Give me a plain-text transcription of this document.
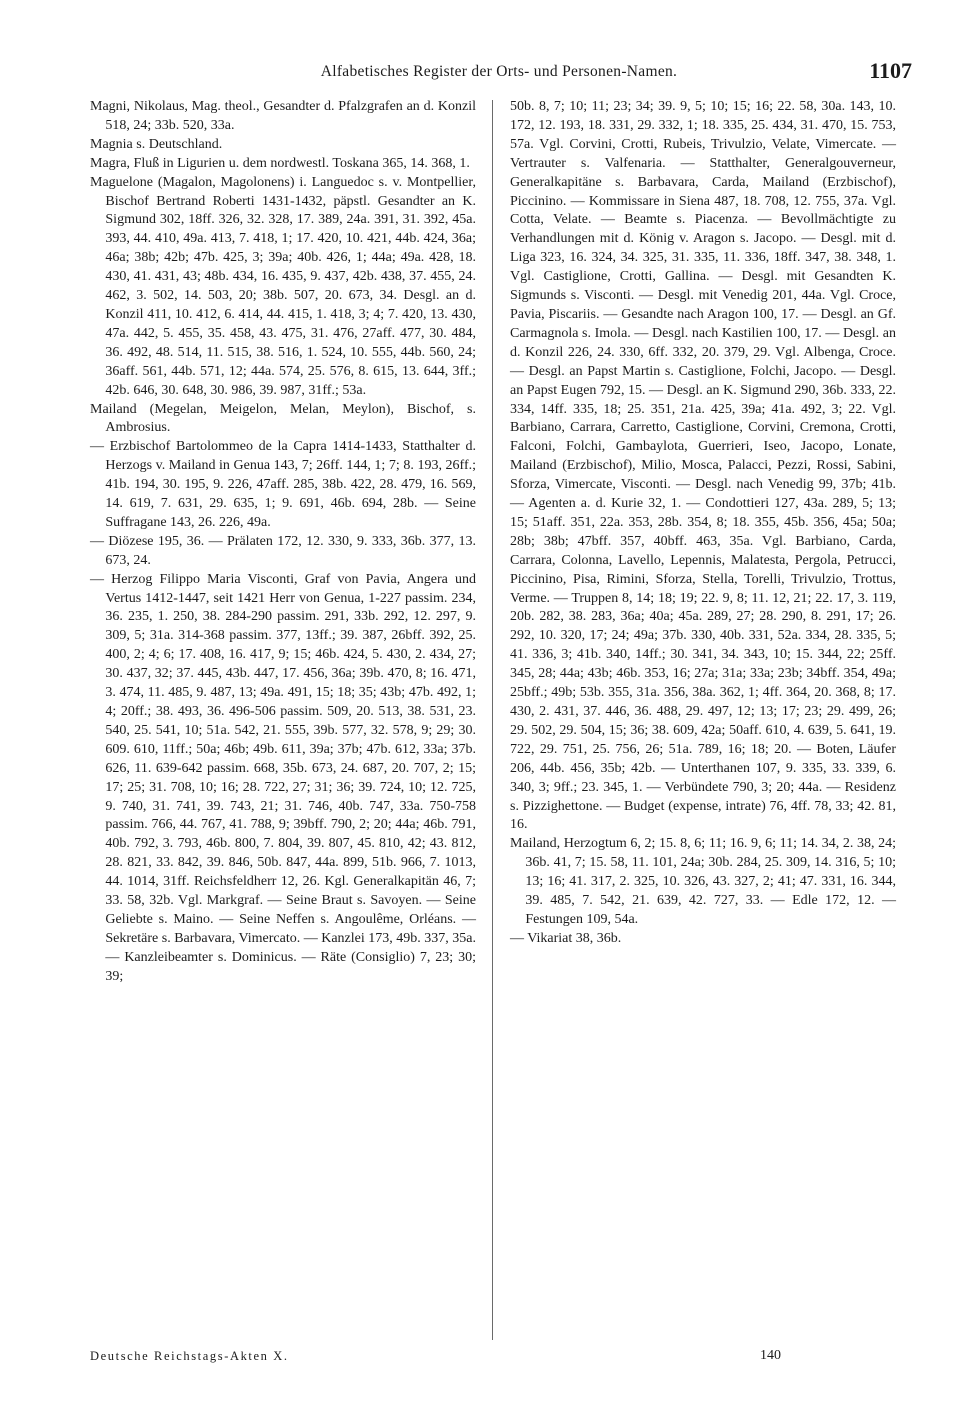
Alfabetisches Register der Orts- und Personen-Namen.	1107

Magni, Nikolaus, Mag. theol., Gesandter d. Pfalzgrafen an d. Konzil 518, 24; 33b. 520, 33a.

Magnia s. Deutschland.

Magra, Fluß in Ligurien u. dem nordwestl. Toskana 365, 14. 368, 1.

Maguelone (Magalon, Magolonens) i. Languedoc s. v. Montpellier, Bischof Bertrand Roberti 1431-1432, päpstl. Gesandter an K. Sigmund 302, 18ff. 326, 32. 328, 17. 389, 24a. 391, 31. 392, 45a. 393, 44. 410, 49a. 413, 7. 418, 1; 17. 420, 10. 421, 44b. 424, 36a; 46a; 38b; 42b; 47b. 425, 3; 39a; 40b. 426, 1; 44a; 49a. 428, 18. 430, 41. 431, 43; 48b. 434, 16. 435, 9. 437, 42b. 438, 37. 455, 24. 462, 3. 502, 14. 503, 20; 38b. 507, 20. 673, 34. Desgl. an d. Konzil 411, 10. 412, 6. 414, 44. 415, 1. 418, 3; 4; 7. 420, 13. 430, 47a. 442, 5. 455, 35. 458, 43. 475, 31. 476, 27aff. 477, 30. 484, 36. 492, 48. 514, 11. 515, 38. 516, 1. 524, 10. 555, 44b. 560, 24; 36aff. 561, 44b. 571, 12; 44a. 574, 25. 576, 8. 615, 13. 644, 3ff.; 42b. 646, 30. 648, 30. 986, 39. 987, 31ff.; 53a.

Mailand (Megelan, Meigelon, Melan, Meylon), Bischof, s. Ambrosius.

— Erzbischof Bartolommeo de la Capra 1414-1433, Statthalter d. Herzogs v. Mailand in Genua 143, 7; 26ff. 144, 1; 7; 8. 193, 26ff.; 41b. 194, 30. 195, 9. 226, 47aff. 285, 38b. 422, 28. 479, 16. 569, 14. 619, 7. 631, 29. 635, 1; 9. 691, 46b. 694, 28b. — Seine Suffragane 143, 26. 226, 49a.

— Diözese 195, 36. — Prälaten 172, 12. 330, 9. 333, 36b. 377, 13. 673, 24.

— Herzog Filippo Maria Visconti, Graf von Pavia, Angera und Vertus 1412-1447, seit 1421 Herr von Genua, 1-227 passim. 234, 36. 235, 1. 250, 38. 284-290 passim. 291, 33b. 292, 12. 297, 9. 309, 5; 31a. 314-368 passim. 377, 13ff.; 39. 387, 26bff. 392, 25. 400, 2; 4; 6; 17. 408, 16. 417, 9; 15; 46b. 424, 5. 430, 2. 434, 27; 30. 437, 32; 37. 445, 43b. 447, 17. 456, 36a; 39b. 470, 8; 16. 471, 3. 474, 11. 485, 9. 487, 13; 49a. 491, 15; 18; 35; 43b; 47b. 492, 1; 4; 20ff.; 38. 493, 36. 496-506 passim. 509, 20. 513, 38. 531, 23. 540, 25. 541, 10; 51a. 542, 21. 555, 39b. 577, 32. 578, 9; 29; 30. 609. 610, 11ff.; 50a; 46b; 49b. 611, 39a; 37b; 47b. 612, 33a; 37b. 626, 11. 639-642 passim. 668, 35b. 673, 24. 687, 20. 707, 2; 15; 17; 25; 31. 708, 10; 16; 28. 722, 27; 31; 36; 39. 724, 10; 12. 725, 9. 740, 31. 741, 39. 743, 21; 31. 746, 40b. 747, 33a. 750-758 passim. 766, 44. 767, 41. 788, 9; 39bff. 790, 2; 20; 44a; 46b. 791, 40b. 792, 3. 793, 46b. 800, 7. 804, 39. 807, 45. 810, 42; 43. 812, 28. 821, 33. 842, 39. 846, 50b. 847, 44a. 899, 51b. 966, 7. 1013, 44. 1014, 31ff. Reichsfeldherr 12, 26. Kgl. Generalkapitän 46, 7; 33. 58, 32b. Vgl. Markgraf. — Seine Braut s. Savoyen. — Seine Geliebte s. Maino. — Seine Neffen s. Angoulême, Orléans. — Sekretäre s. Barbavara, Vimercato. — Kanzlei 173, 49b. 337, 35a. — Kanzleibeamter s. Dominicus. — Räte (Consiglio) 7, 23; 30; 39;

50b. 8, 7; 10; 11; 23; 34; 39. 9, 5; 10; 15; 16; 22. 58, 30a. 143, 10. 172, 12. 193, 18. 331, 29. 332, 1; 18. 335, 25. 434, 31. 470, 15. 753, 57a. Vgl. Corvini, Crotti, Rubeis, Trivulzio, Velate, Vimercate. — Vertrauter s. Valfenaria. — Statthalter, Generalgouverneur, Generalkapitäne s. Barbavara, Carda, Mailand (Erzbischof), Piccinino. — Kommissare in Siena 487, 18. 708, 12. 755, 37a. Vgl. Cotta, Velate. — Beamte s. Piacenza. — Bevollmächtigte zu Verhandlungen mit d. König v. Aragon s. Jacopo. — Desgl. mit d. Liga 323, 16. 324, 34. 325, 31. 335, 11. 336, 18ff. 347, 38. 348, 1. Vgl. Castiglione, Crotti, Gallina. — Desgl. mit Gesandten K. Sigmunds s. Visconti. — Desgl. mit Venedig 201, 44a. Vgl. Croce, Pavia, Piscariis. — Gesandte nach Aragon 100, 17. — Desgl. an Gf. Carmagnola s. Imola. — Desgl. nach Kastilien 100, 17. — Desgl. an d. Konzil 226, 24. 330, 6ff. 332, 20. 379, 29. Vgl. Albenga, Croce. — Desgl. an Papst Martin s. Castiglione, Folchi, Jacopo. — Desgl. an Papst Eugen 792, 15. — Desgl. an K. Sigmund 290, 36b. 333, 22. 334, 14ff. 335, 18; 25. 351, 21a. 425, 39a; 41a. 492, 3; 22. Vgl. Barbiano, Carrara, Carretto, Castiglione, Corvini, Cremona, Crotti, Falconi, Folchi, Gambaylota, Guerrieri, Iseo, Jacopo, Lonate, Mailand (Erzbischof), Milio, Mosca, Palacci, Pezzi, Rossi, Sabini, Sforza, Vimercate, Visconti. — Desgl. nach Venedig 99, 37b; 41b. — Agenten a. d. Kurie 32, 1. — Condottieri 127, 43a. 289, 5; 13; 15; 51aff. 351, 22a. 353, 28b. 354, 8; 18. 355, 45b. 356, 45a; 50a; 28b; 38b; 47bff. 357, 40bff. 463, 35a. Vgl. Barbiano, Carda, Carrara, Colonna, Lavello, Lepennis, Malatesta, Pergola, Petrucci, Piccinino, Pisa, Rimini, Sforza, Stella, Torelli, Trivulzio, Trottus, Verme. — Truppen 8, 14; 18; 19; 22. 9, 8; 11. 12, 21; 22. 17, 3. 119, 20b. 282, 38. 283, 36a; 40a; 45a. 289, 27; 28. 290, 8. 291, 17; 26. 292, 10. 320, 17; 24; 49a; 37b. 330, 40b. 331, 52a. 334, 28. 335, 5; 41. 336, 3; 41b. 340, 14ff.; 30. 341, 34. 343, 10; 15. 344, 22; 25ff. 345, 28; 44a; 43b; 46b. 353, 16; 27a; 31a; 33a; 23b; 34bff. 354, 49a; 25bff.; 49b; 53b. 355, 31a. 356, 38a. 362, 1; 4ff. 364, 20. 368, 8; 17. 430, 2. 431, 37. 446, 36. 488, 29. 497, 12; 13; 17; 23; 29. 499, 26; 29. 502, 29. 504, 15; 36; 38. 609, 42a; 50aff. 610, 4. 639, 5. 641, 19. 722, 29. 751, 25. 756, 26; 51a. 789, 16; 18; 20. — Boten, Läufer 206, 44b. 456, 35b; 42b. — Unterthanen 107, 9. 335, 33. 339, 6. 340, 3; 9ff.; 23. 345, 1. — Verbündete 790, 3; 20; 44a. — Residenz s. Pizzighettone. — Budget (expense, intrate) 76, 4ff. 78, 33; 42. 81, 16.

Mailand, Herzogtum 6, 2; 15. 8, 6; 11; 16. 9, 6; 11; 14. 34, 2. 38, 24; 36b. 41, 7; 15. 58, 11. 101, 24a; 30b. 284, 25. 309, 14. 316, 5; 10; 13; 16; 41. 317, 2. 325, 10. 326, 43. 327, 2; 41; 47. 331, 16. 344, 39. 485, 7. 542, 21. 639, 42. 727, 33. — Edle 172, 12. — Festungen 109, 54a.

— Vikariat 38, 36b.

Deutsche Reichstags-Akten X.	140
